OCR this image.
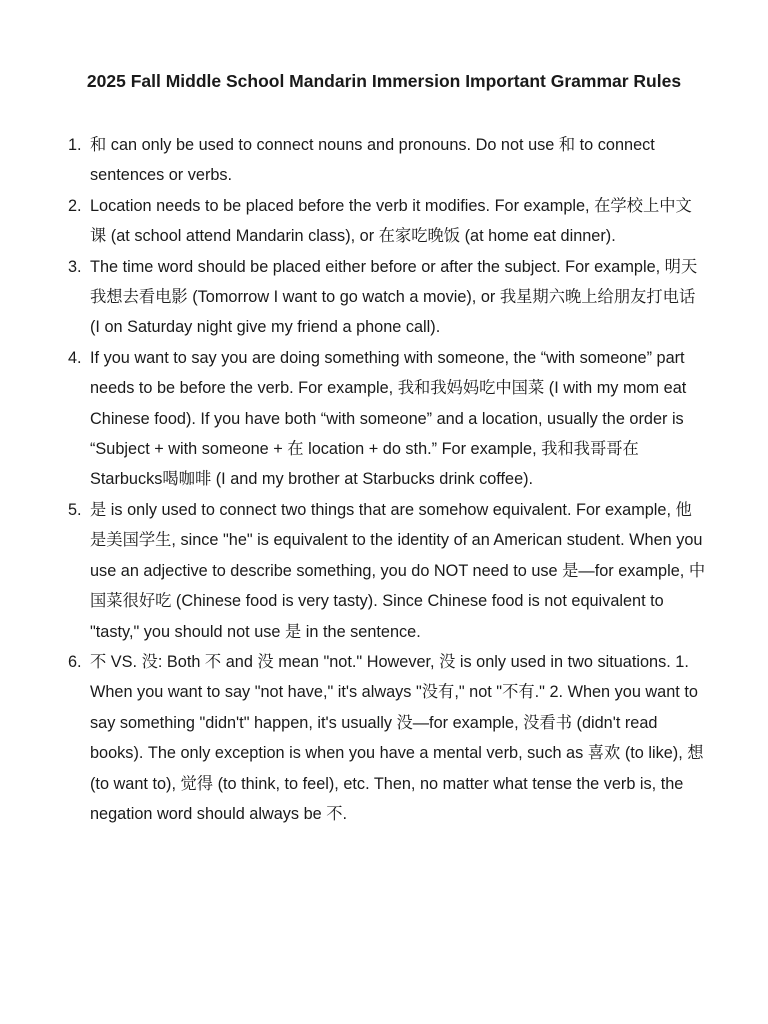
2025 Fall Middle School Mandarin Immersion Important Grammar Rules
1. 和 can only be used to connect nouns and pronouns. Do not use 和 to connect sentences or verbs.
2. Location needs to be placed before the verb it modifies. For example, 在学校上中文课 (at school attend Mandarin class), or 在家吃晚饭 (at home eat dinner).
3. The time word should be placed either before or after the subject. For example, 明天我想去看电影 (Tomorrow I want to go watch a movie), or 我星期六晚上给朋友打电话 (I on Saturday night give my friend a phone call).
4. If you want to say you are doing something with someone, the “with someone” part needs to be before the verb. For example, 我和我妈妈吃中国菜 (I with my mom eat Chinese food). If you have both “with someone” and a location, usually the order is “Subject + with someone + 在 location + do sth.” For example, 我和我哥哥在Starbucks喝咖啡 (I and my brother at Starbucks drink coffee).
5. 是 is only used to connect two things that are somehow equivalent. For example, 他是美国学生, since "he" is equivalent to the identity of an American student. When you use an adjective to describe something, you do NOT need to use 是—for example, 中国菜很好吃 (Chinese food is very tasty). Since Chinese food is not equivalent to "tasty," you should not use 是 in the sentence.
6. 不 VS. 没: Both 不 and 没 mean "not." However, 没 is only used in two situations. 1. When you want to say "not have," it's always "没有," not "不有." 2. When you want to say something "didn't" happen, it's usually 没—for example, 没看书 (didn't read books). The only exception is when you have a mental verb, such as 喜欢 (to like), 想 (to want to), 觉得 (to think, to feel), etc. Then, no matter what tense the verb is, the negation word should always be 不.
